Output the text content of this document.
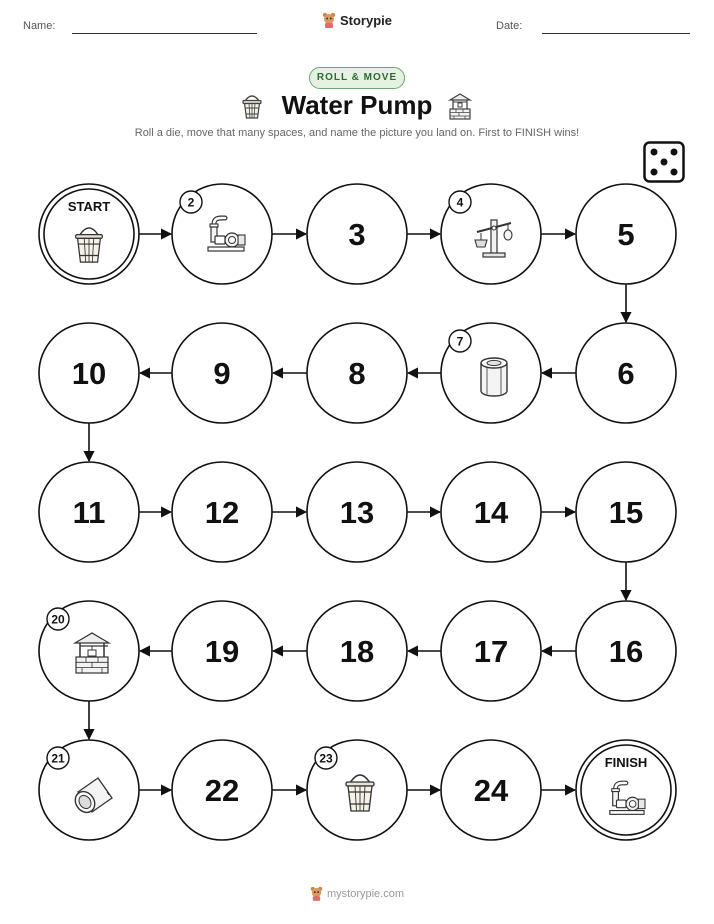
Name:	Date:
Storypie
ROLL & MOVE
Water Pump
Roll a die, move that many spaces, and name the picture you land on. First to FINISH wins!
START	2
3
4
5
6
7
8
9
10
11	12	13	14	15
16
17
18
19
20
21
22
23
24
FINISH
mystorypie.com
